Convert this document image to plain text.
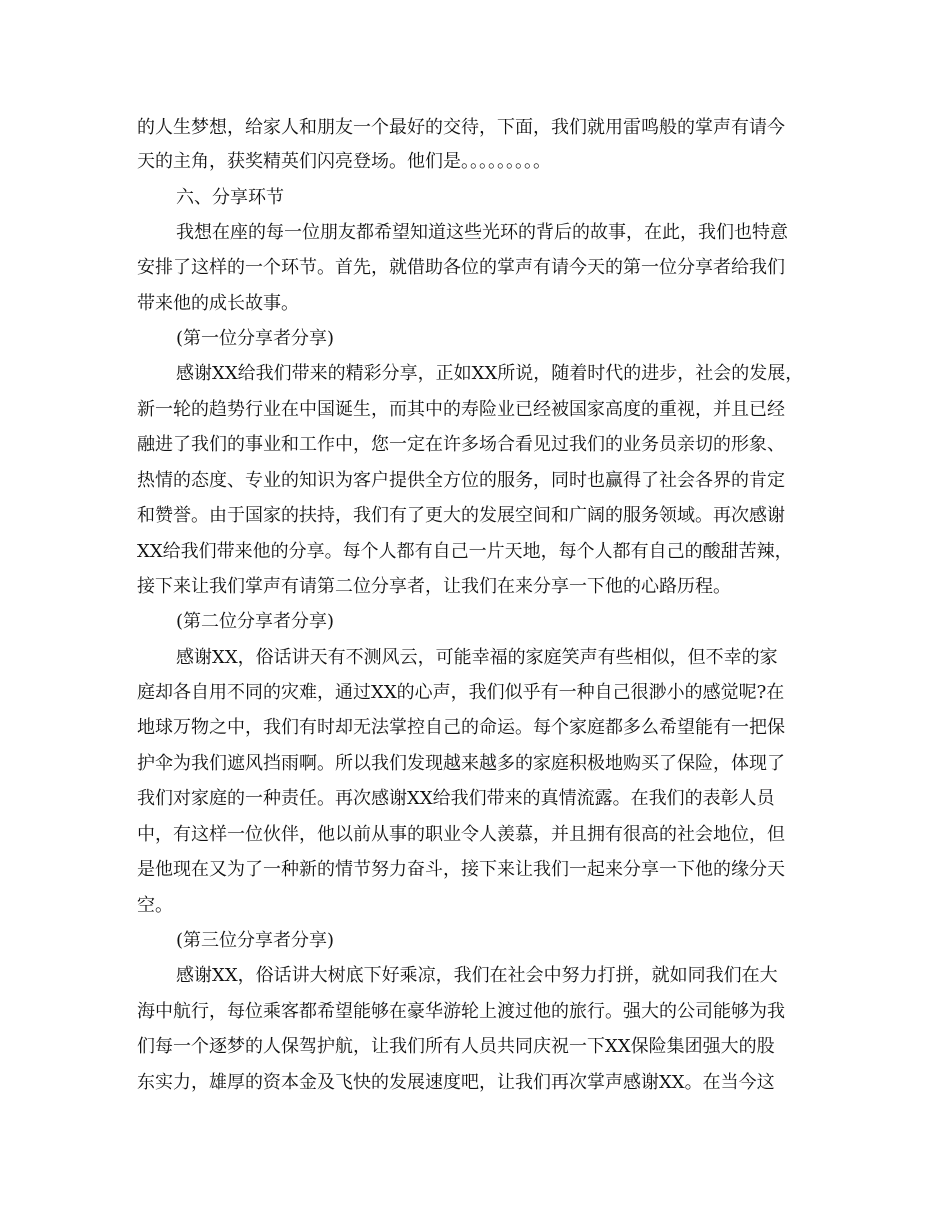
的人生梦想，给家人和朋友一个最好的交待，下面，我们就用雷鸣般的掌声有请今
天的主角，获奖精英们闪亮登场。他们是。。。。。。。。。
六、分享环节
我想在座的每一位朋友都希望知道这些光环的背后的故事，在此，我们也特意
安排了这样的一个环节。首先，就借助各位的掌声有请今天的第一位分享者给我们
带来他的成长故事。
(第一位分享者分享)
感谢XX给我们带来的精彩分享，正如XX所说，随着时代的进步，社会的发展，
新一轮的趋势行业在中国诞生，而其中的寿险业已经被国家高度的重视，并且已经
融进了我们的事业和工作中，您一定在许多场合看见过我们的业务员亲切的形象、
热情的态度、专业的知识为客户提供全方位的服务，同时也赢得了社会各界的肯定
和赞誉。由于国家的扶持，我们有了更大的发展空间和广阔的服务领域。再次感谢
XX给我们带来他的分享。每个人都有自己一片天地，每个人都有自己的酸甜苦辣，
接下来让我们掌声有请第二位分享者，让我们在来分享一下他的心路历程。
(第二位分享者分享)
感谢XX，俗话讲天有不测风云，可能幸福的家庭笑声有些相似，但不幸的家
庭却各自用不同的灾难，通过XX的心声，我们似乎有一种自己很渺小的感觉呢?在
地球万物之中，我们有时却无法掌控自己的命运。每个家庭都多么希望能有一把保
护伞为我们遮风挡雨啊。所以我们发现越来越多的家庭积极地购买了保险，体现了
我们对家庭的一种责任。再次感谢XX给我们带来的真情流露。在我们的表彰人员
中，有这样一位伙伴，他以前从事的职业令人羡慕，并且拥有很高的社会地位，但
是他现在又为了一种新的情节努力奋斗，接下来让我们一起来分享一下他的缘分天
空。
(第三位分享者分享)
感谢XX，俗话讲大树底下好乘凉，我们在社会中努力打拼，就如同我们在大
海中航行，每位乘客都希望能够在豪华游轮上渡过他的旅行。强大的公司能够为我
们每一个逐梦的人保驾护航，让我们所有人员共同庆祝一下XX保险集团强大的股
东实力，雄厚的资本金及飞快的发展速度吧，让我们再次掌声感谢XX。在当今这
